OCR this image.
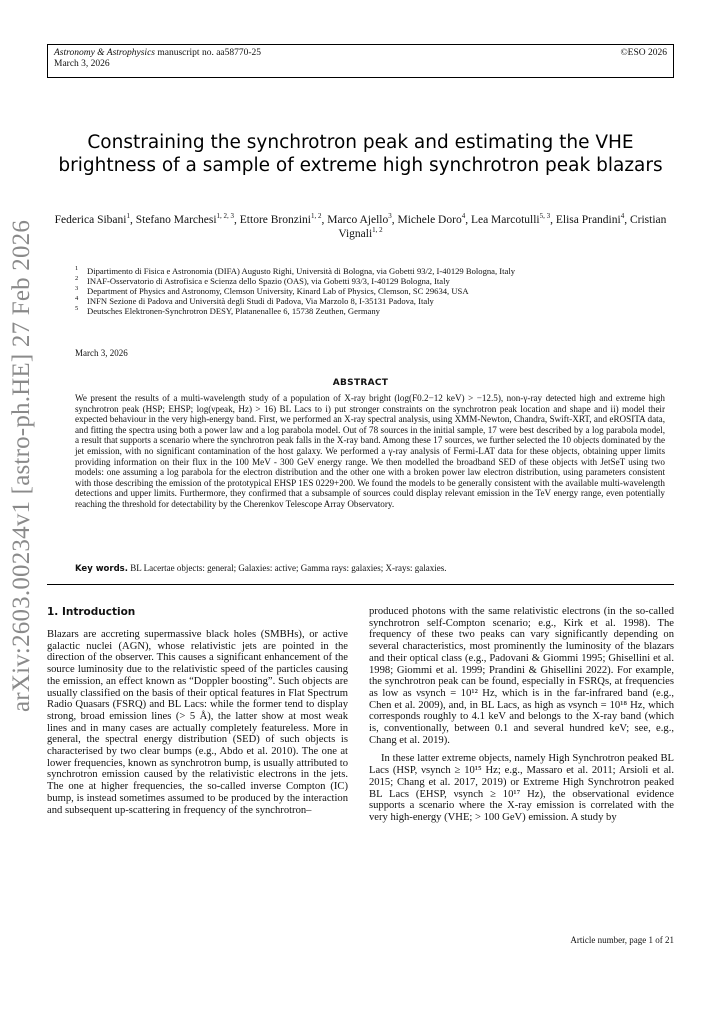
Astronomy & Astrophysics manuscript no. aa58770-25
March 3, 2026
©ESO 2026
arXiv:2603.00234v1 [astro-ph.HE] 27 Feb 2026
Constraining the synchrotron peak and estimating the VHE brightness of a sample of extreme high synchrotron peak blazars
Federica Sibani$^1$, Stefano Marchesi$^{1, 2, 3}$, Ettore Bronzini$^{1, 2}$, Marco Ajello$^3$, Michele Doro$^4$, Lea Marcotulli$^{5, 3}$, Elisa Prandini$^4$, Cristian Vignali$^{1, 2}$
1 Dipartimento di Fisica e Astronomia (DIFA) Augusto Righi, Università di Bologna, via Gobetti 93/2, I-40129 Bologna, Italy
2 INAF-Osservatorio di Astrofisica e Scienza dello Spazio (OAS), via Gobetti 93/3, I-40129 Bologna, Italy
3 Department of Physics and Astronomy, Clemson University, Kinard Lab of Physics, Clemson, SC 29634, USA
4 INFN Sezione di Padova and Università degli Studi di Padova, Via Marzolo 8, I-35131 Padova, Italy
5 Deutsches Elektronen-Synchrotron DESY, Platanenallee 6, 15738 Zeuthen, Germany
March 3, 2026
ABSTRACT
We present the results of a multi-wavelength study of a population of X-ray bright (log(F0.2−12 keV) > −12.5), non-γ-ray detected high and extreme high synchrotron peak (HSP; EHSP; log(νpeak, Hz) > 16) BL Lacs to i) put stronger constraints on the synchrotron peak location and shape and ii) model their expected behaviour in the very high-energy band. First, we performed an X-ray spectral analysis, using XMM-Newton, Chandra, Swift-XRT, and eROSITA data, and fitting the spectra using both a power law and a log parabola model. Out of 78 sources in the initial sample, 17 were best described by a log parabola model, a result that supports a scenario where the synchrotron peak falls in the X-ray band. Among these 17 sources, we further selected the 10 objects dominated by the jet emission, with no significant contamination of the host galaxy. We performed a γ-ray analysis of Fermi-LAT data for these objects, obtaining upper limits providing information on their flux in the 100 MeV - 300 GeV energy range. We then modelled the broadband SED of these objects with JetSeT using two models: one assuming a log parabola for the electron distribution and the other one with a broken power law electron distribution, using parameters consistent with those describing the emission of the prototypical EHSP 1ES 0229+200. We found the models to be generally consistent with the available multi-wavelength detections and upper limits. Furthermore, they confirmed that a subsample of sources could display relevant emission in the TeV energy range, even potentially reaching the threshold for detectability by the Cherenkov Telescope Array Observatory.
Key words. BL Lacertae objects: general; Galaxies: active; Gamma rays: galaxies; X-rays: galaxies.
1. Introduction

Blazars are accreting supermassive black holes (SMBHs), or active galactic nuclei (AGN), whose relativistic jets are pointed in the direction of the observer. This causes a significant enhancement of the source luminosity due to the relativistic speed of the particles causing the emission, an effect known as “Doppler boosting”. Such objects are usually classified on the basis of their optical features in Flat Spectrum Radio Quasars (FSRQ) and BL Lacs: while the former tend to display strong, broad emission lines (> 5 Å), the latter show at most weak lines and in many cases are actually completely featureless. More in general, the spectral energy distribution (SED) of such objects is characterised by two clear bumps (e.g., Abdo et al. 2010). The one at lower frequencies, known as synchrotron bump, is usually attributed to synchrotron emission caused by the relativistic electrons in the jets. The one at higher frequencies, the so-called inverse Compton (IC) bump, is instead sometimes assumed to be produced by the interaction and subsequent up-scattering in frequency of the synchrotron–

produced photons with the same relativistic electrons (in the so-called synchrotron self-Compton scenario; e.g., Kirk et al. 1998). The frequency of these two peaks can vary significantly depending on several characteristics, most prominently the luminosity of the blazars and their optical class (e.g., Padovani & Giommi 1995; Ghisellini et al. 1998; Giommi et al. 1999; Prandini & Ghisellini 2022). For example, the synchrotron peak can be found, especially in FSRQs, at frequencies as low as νsynch = 10¹² Hz, which is in the far-infrared band (e.g., Chen et al. 2009), and, in BL Lacs, as high as νsynch = 10¹⁸ Hz, which corresponds roughly to 4.1 keV and belongs to the X-ray band (which is, conventionally, between 0.1 and several hundred keV; see, e.g., Chang et al. 2019).

In these latter extreme objects, namely High Synchrotron peaked BL Lacs (HSP, νsynch ≥ 10¹⁵ Hz; e.g., Massaro et al. 2011; Arsioli et al. 2015; Chang et al. 2017, 2019) or Extreme High Synchrotron peaked BL Lacs (EHSP, νsynch ≥ 10¹⁷ Hz), the observational evidence supports a scenario where the X-ray emission is correlated with the very high-energy (VHE; > 100 GeV) emission. A study by

Article number, page 1 of 21
